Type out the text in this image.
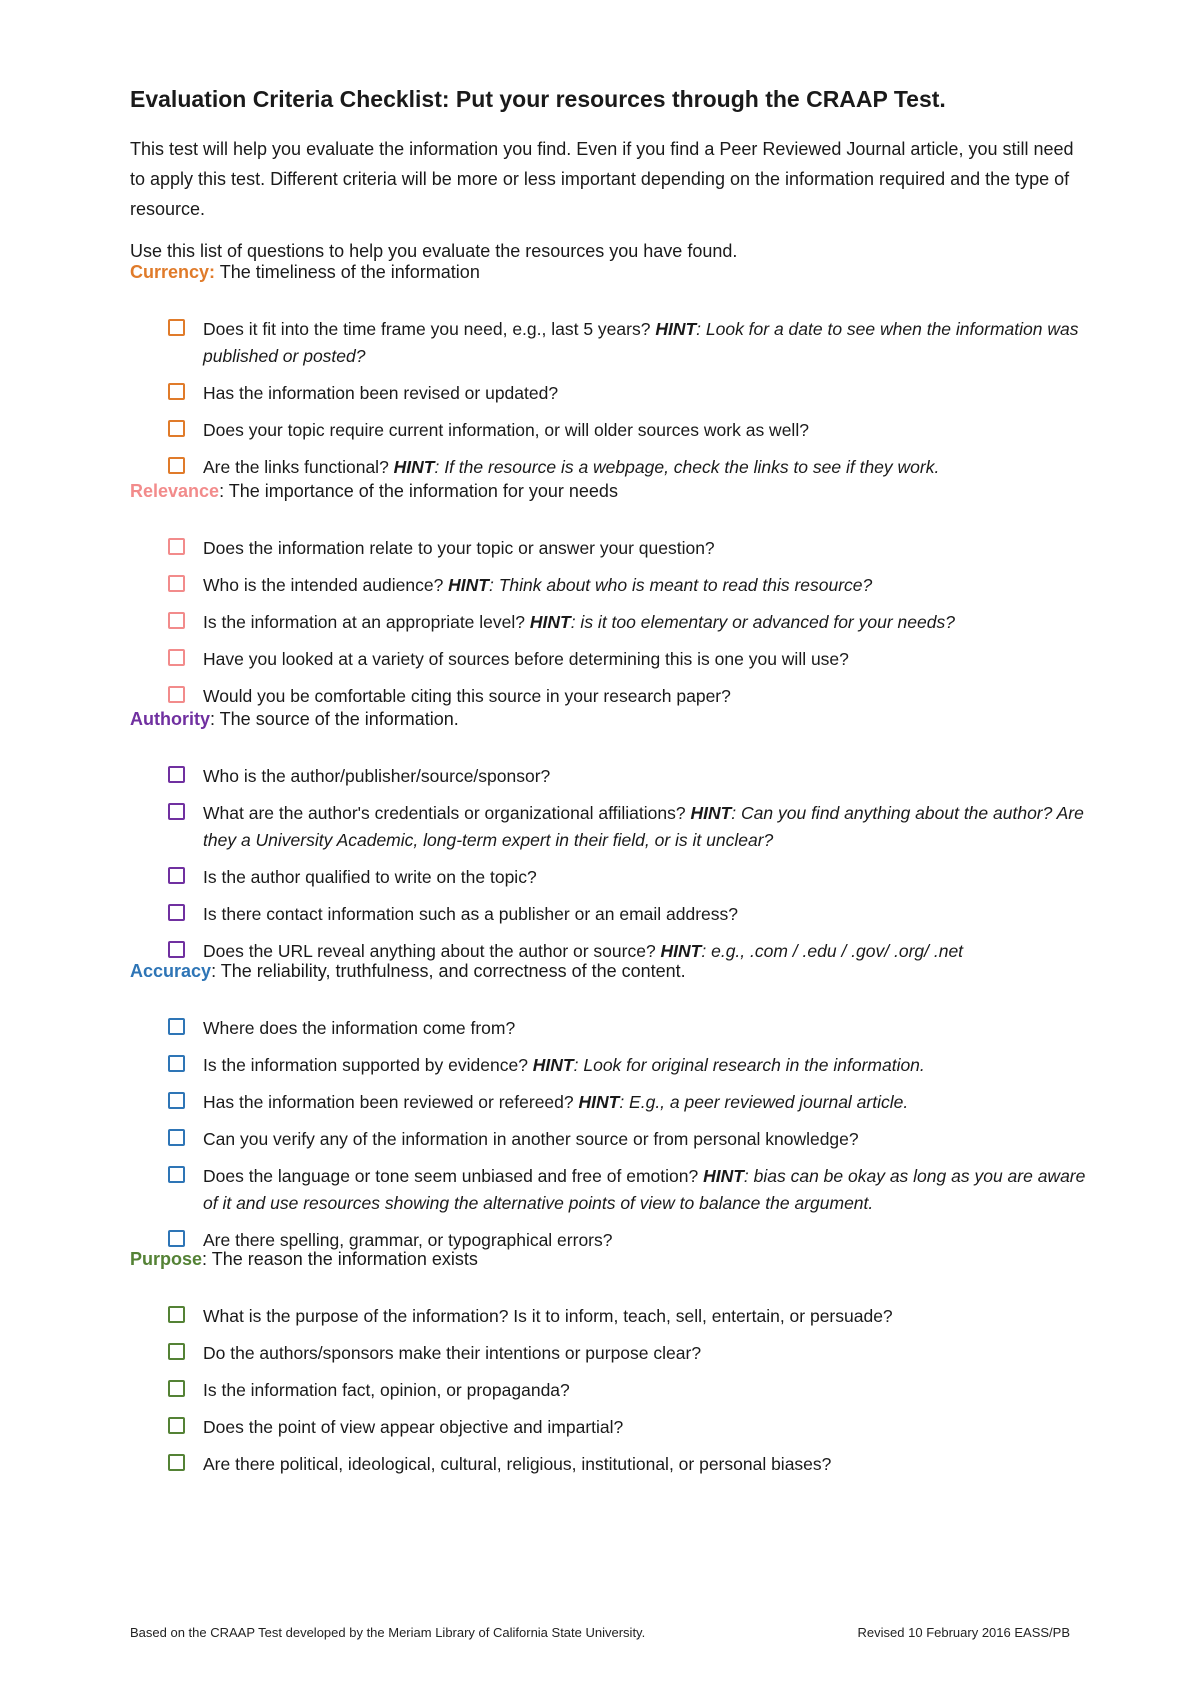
Evaluation Criteria Checklist: Put your resources through the CRAAP Test.

This test will help you evaluate the information you find. Even if you find a Peer Reviewed Journal article, you still need to apply this test. Different criteria will be more or less important depending on the information required and the type of resource.

Use this list of questions to help you evaluate the resources you have found.

Currency: The timeliness of the information
Does it fit into the time frame you need, e.g., last 5 years? HINT: Look for a date to see when the information was published or posted?
Has the information been revised or updated?
Does your topic require current information, or will older sources work as well?
Are the links functional? HINT: If the resource is a webpage, check the links to see if they work.
Relevance: The importance of the information for your needs
Does the information relate to your topic or answer your question?
Who is the intended audience? HINT: Think about who is meant to read this resource?
Is the information at an appropriate level? HINT: is it too elementary or advanced for your needs?
Have you looked at a variety of sources before determining this is one you will use?
Would you be comfortable citing this source in your research paper?
Authority: The source of the information.
Who is the author/publisher/source/sponsor?
What are the author's credentials or organizational affiliations? HINT: Can you find anything about the author? Are they a University Academic, long-term expert in their field, or is it unclear?
Is the author qualified to write on the topic?
Is there contact information such as a publisher or an email address?
Does the URL reveal anything about the author or source? HINT: e.g., .com / .edu / .gov/ .org/ .net
Accuracy: The reliability, truthfulness, and correctness of the content.
Where does the information come from?
Is the information supported by evidence? HINT: Look for original research in the information.
Has the information been reviewed or refereed? HINT: E.g., a peer reviewed journal article.
Can you verify any of the information in another source or from personal knowledge?
Does the language or tone seem unbiased and free of emotion? HINT: bias can be okay as long as you are aware of it and use resources showing the alternative points of view to balance the argument.
Are there spelling, grammar, or typographical errors?
Purpose: The reason the information exists
What is the purpose of the information? Is it to inform, teach, sell, entertain, or persuade?
Do the authors/sponsors make their intentions or purpose clear?
Is the information fact, opinion, or propaganda?
Does the point of view appear objective and impartial?
Are there political, ideological, cultural, religious, institutional, or personal biases?
Based on the CRAAP Test developed by the Meriam Library of California State University.	Revised 10 February 2016 EASS/PB
